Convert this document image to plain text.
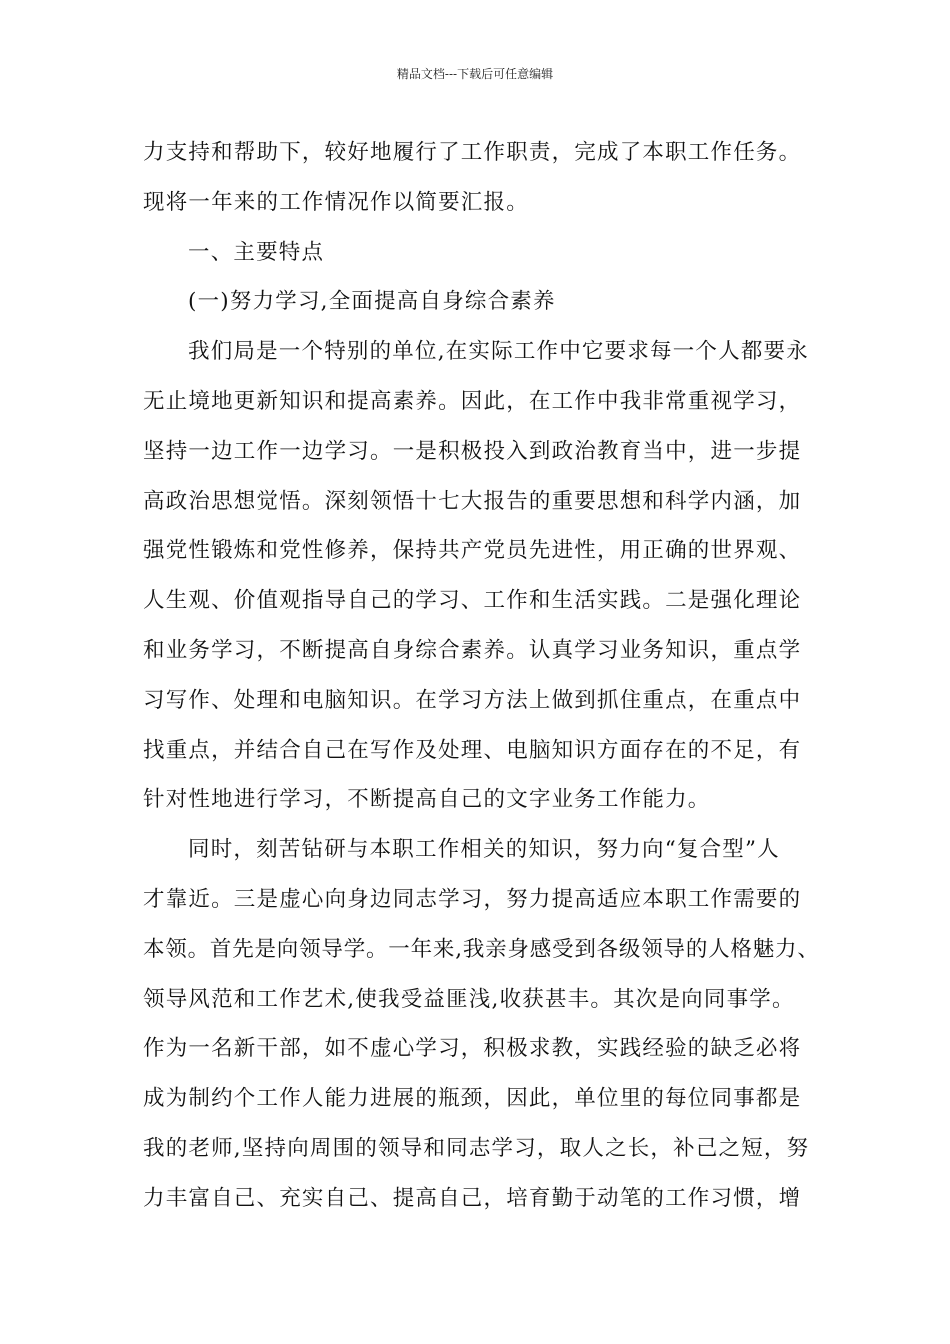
精品文档---下载后可任意编辑
力支持和帮助下，较好地履行了工作职责，完成了本职工作任务。
现将一年来的工作情况作以简要汇报。
一、主要特点
(一)努力学习,全面提高自身综合素养
我们局是一个特别的单位,在实际工作中它要求每一个人都要永
无止境地更新知识和提高素养。因此，在工作中我非常重视学习，
坚持一边工作一边学习。一是积极投入到政治教育当中，进一步提
高政治思想觉悟。深刻领悟十七大报告的重要思想和科学内涵，加
强党性锻炼和党性修养，保持共产党员先进性，用正确的世界观、
人生观、价值观指导自己的学习、工作和生活实践。二是强化理论
和业务学习，不断提高自身综合素养。认真学习业务知识，重点学
习写作、处理和电脑知识。在学习方法上做到抓住重点，在重点中
找重点，并结合自己在写作及处理、电脑知识方面存在的不足，有
针对性地进行学习，不断提高自己的文字业务工作能力。
同时，刻苦钻研与本职工作相关的知识，努力向“复合型”人
才靠近。三是虚心向身边同志学习，努力提高适应本职工作需要的
本领。首先是向领导学。一年来,我亲身感受到各级领导的人格魅力、
领导风范和工作艺术,使我受益匪浅,收获甚丰。其次是向同事学。
作为一名新干部，如不虚心学习，积极求教，实践经验的缺乏必将
成为制约个工作人能力进展的瓶颈，因此，单位里的每位同事都是
我的老师,坚持向周围的领导和同志学习，取人之长，补己之短，努
力丰富自己、充实自己、提高自己，培育勤于动笔的工作习惯，增
